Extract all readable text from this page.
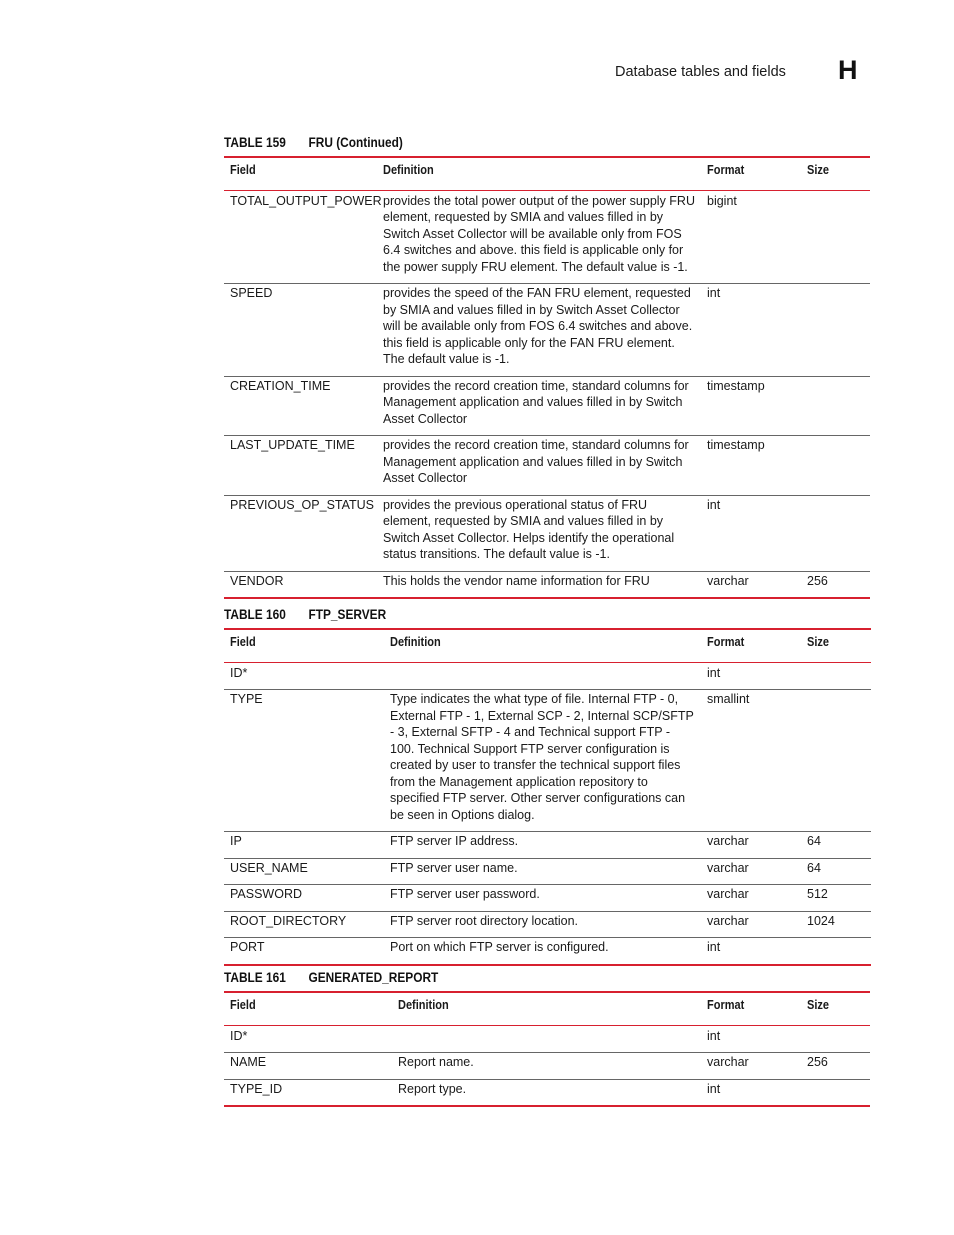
Database tables and fields H
TABLE 159 FRU (Continued)
Field	Definition	Format	Size
TOTAL_OUTPUT_POWER	provides the total power output of the power supply FRU element, requested by SMIA and values filled in by Switch Asset Collector will be available only from FOS 6.4 switches and above. this field is applicable only for the power supply FRU element. The default value is -1.	bigint	
SPEED	provides the speed of the FAN FRU element, requested by SMIA and values filled in by Switch Asset Collector will be available only from FOS 6.4 switches and above. this field is applicable only for the FAN FRU element. The default value is -1.	int	
CREATION_TIME	provides the record creation time, standard columns for Management application and values filled in by Switch Asset Collector	timestamp	
LAST_UPDATE_TIME	provides the record creation time, standard columns for Management application and values filled in by Switch Asset Collector	timestamp	
PREVIOUS_OP_STATUS	provides the previous operational status of FRU element, requested by SMIA and values filled in by Switch Asset Collector. Helps identify the operational status transitions. The default value is -1.	int	
VENDOR	This holds the vendor name information for FRU	varchar	256
TABLE 160 FTP_SERVER
Field	Definition	Format	Size
ID*		int	
TYPE	Type indicates the what type of file. Internal FTP - 0, External FTP - 1, External SCP - 2, Internal SCP/SFTP - 3, External SFTP - 4 and Technical support FTP - 100. Technical Support FTP server configuration is created by user to transfer the technical support files from the Management application repository to specified FTP server. Other server configurations can be seen in Options dialog.	smallint	
IP	FTP server IP address.	varchar	64
USER_NAME	FTP server user name.	varchar	64
PASSWORD	FTP server user password.	varchar	512
ROOT_DIRECTORY	FTP server root directory location.	varchar	1024
PORT	Port on which FTP server is configured.	int	
TABLE 161 GENERATED_REPORT
Field	Definition	Format	Size
ID*		int	
NAME	Report name.	varchar	256
TYPE_ID	Report type.	int	
